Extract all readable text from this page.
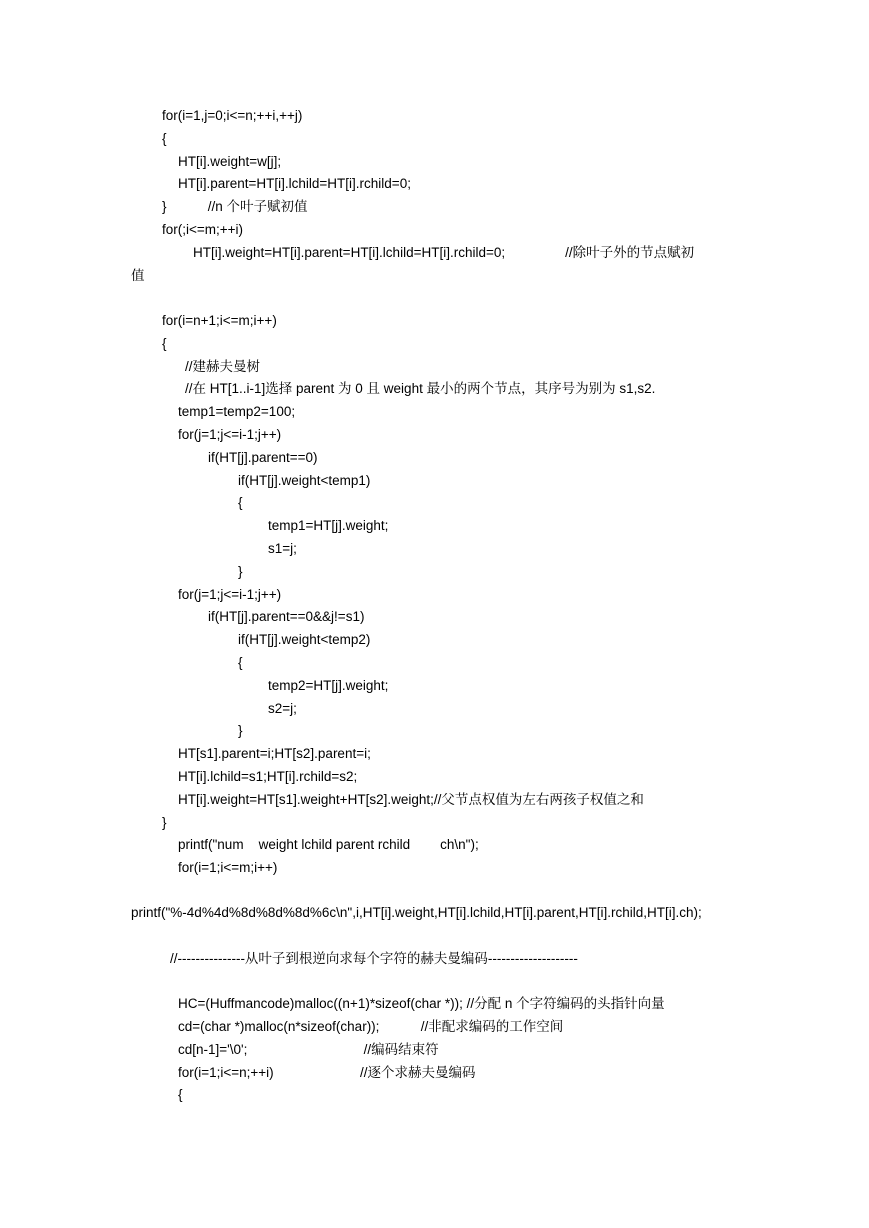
for(i=1,j=0;i<=n;++i,++j)
{
HT[i].weight=w[j];
HT[i].parent=HT[i].lchild=HT[i].rchild=0;
}           //n 个叶子赋初值
for(;i<=m;++i)
HT[i].weight=HT[i].parent=HT[i].lchild=HT[i].rchild=0;                //除叶子外的节点赋初
值
for(i=n+1;i<=m;i++)
{
//建赫夫曼树
//在 HT[1..i-1]选择 parent 为 0 且 weight 最小的两个节点，其序号为别为 s1,s2.
temp1=temp2=100;
for(j=1;j<=i-1;j++)
if(HT[j].parent==0)
if(HT[j].weight<temp1)
{
temp1=HT[j].weight;
s1=j;
}
for(j=1;j<=i-1;j++)
if(HT[j].parent==0&&j!=s1)
if(HT[j].weight<temp2)
{
temp2=HT[j].weight;
s2=j;
}
HT[s1].parent=i;HT[s2].parent=i;
HT[i].lchild=s1;HT[i].rchild=s2;
HT[i].weight=HT[s1].weight+HT[s2].weight;//父节点权值为左右两孩子权值之和
}
printf("num    weight lchild parent rchild        ch\n");
for(i=1;i<=m;i++)
printf("%-4d%4d%8d%8d%8d%6c\n",i,HT[i].weight,HT[i].lchild,HT[i].parent,HT[i].rchild,HT[i].ch);
//---------------从叶子到根逆向求每个字符的赫夫曼编码--------------------
HC=(Huffmancode)malloc((n+1)*sizeof(char *)); //分配 n 个字符编码的头指针向量
cd=(char *)malloc(n*sizeof(char));           //非配求编码的工作空间
cd[n-1]='\0';                               //编码结束符
for(i=1;i<=n;++i)                       //逐个求赫夫曼编码
{
